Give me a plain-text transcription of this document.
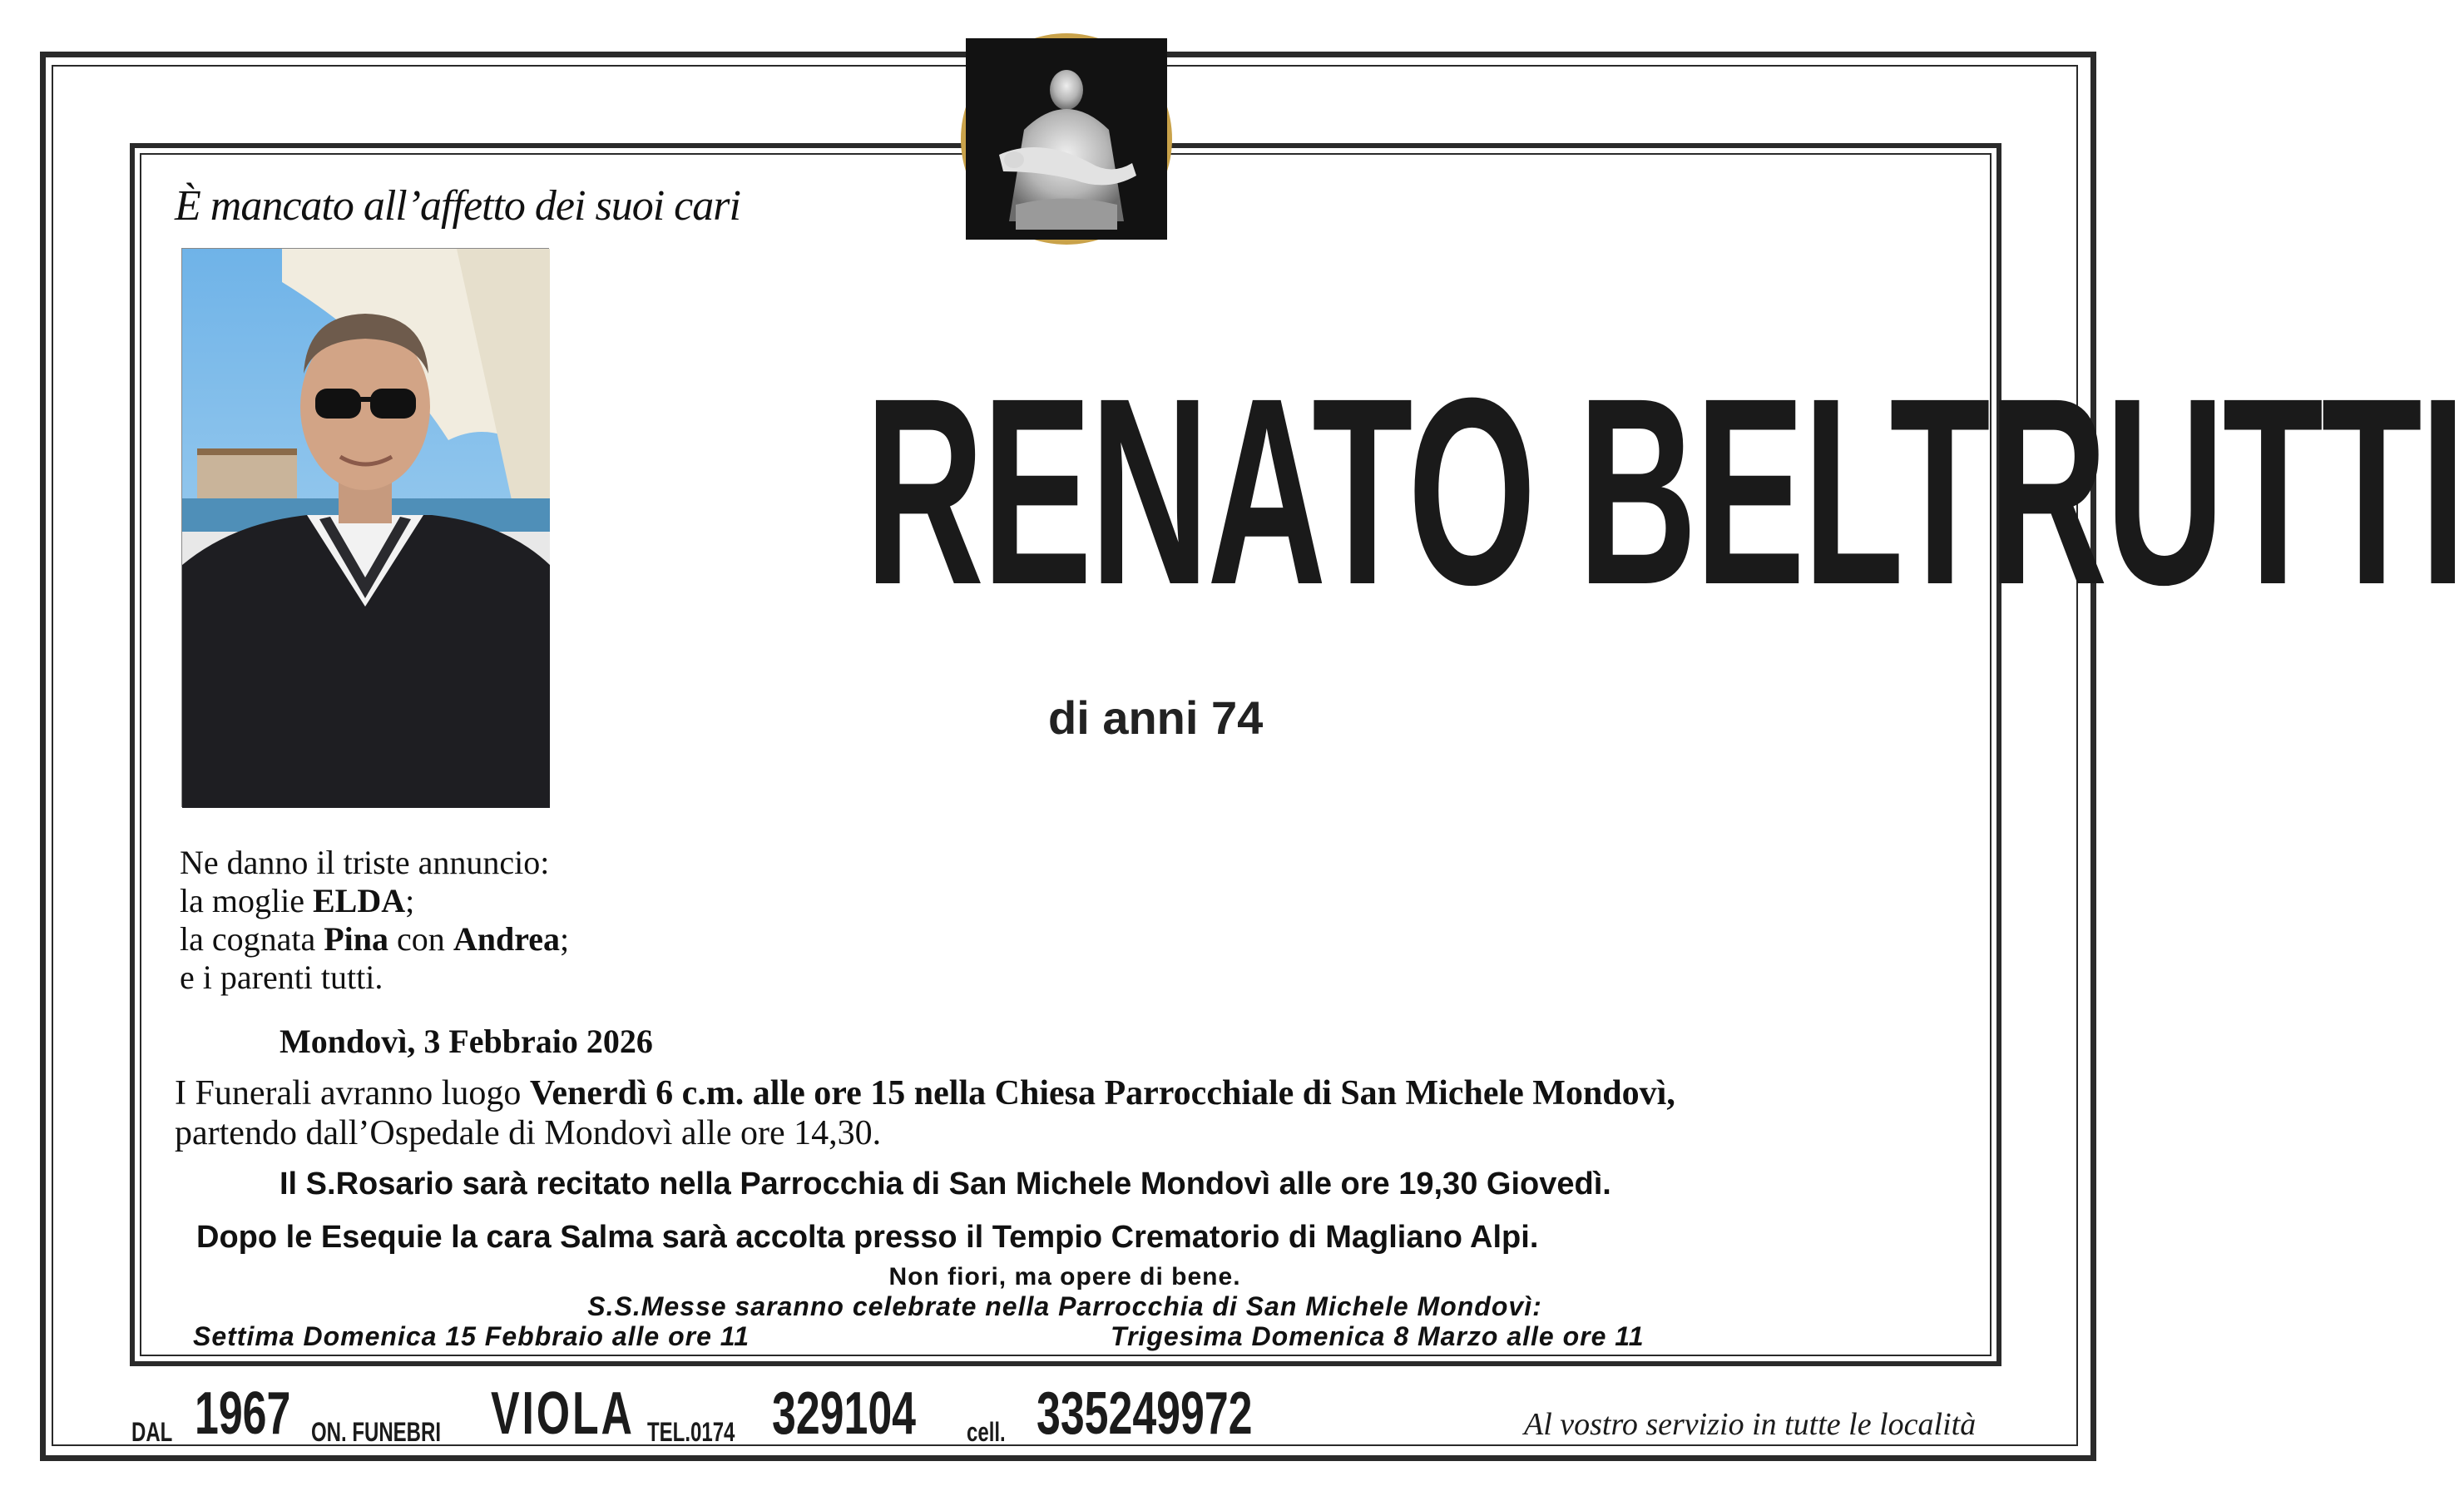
È mancato all’affetto dei suoi cari
RENATO BELTRUTTI
di anni 74
Ne danno il triste annuncio:
la moglie ELDA;
la cognata Pina con Andrea;
e i parenti tutti.
Mondovì, 3 Febbraio 2026
I Funerali avranno luogo Venerdì 6 c.m. alle ore 15 nella Chiesa Parrocchiale di San Michele Mondovì,
partendo dall’Ospedale di Mondovì alle ore 14,30.
Il S.Rosario sarà recitato nella Parrocchia di San Michele Mondovì alle ore 19,30 Giovedì.
Dopo le Esequie la cara Salma sarà accolta presso il Tempio Crematorio di Magliano Alpi.
Non fiori, ma opere di bene.
S.S.Messe saranno celebrate nella Parrocchia di San Michele Mondovì:
Settima Domenica 15 Febbraio alle ore 11	Trigesima Domenica 8 Marzo alle ore 11
DAL 1967 ON. FUNEBRI VIOLA TEL.0174 329104 cell. 335249972	Al vostro servizio in tutte le località
